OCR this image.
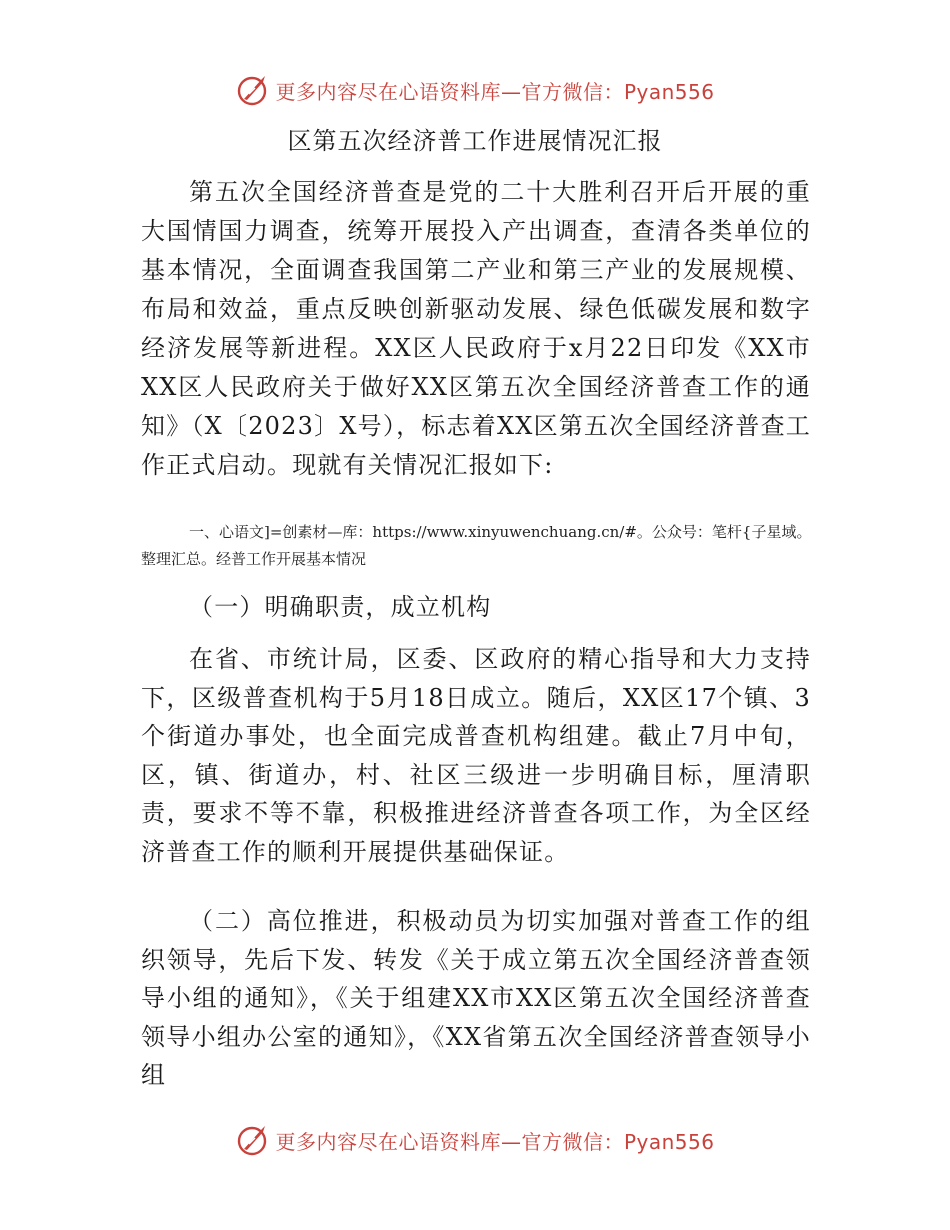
更多内容尽在心语资料库—官方微信：Pyan556
区第五次经济普工作进展情况汇报

第五次全国经济普查是党的二十大胜利召开后开展的重大国情国力调查，统筹开展投入产出调查，查清各类单位的基本情况，全面调查我国第二产业和第三产业的发展规模、布局和效益，重点反映创新驱动发展、绿色低碳发展和数字经济发展等新进程。XX区人民政府于x月22日印发《XX市XX区人民政府关于做好XX区第五次全国经济普查工作的通知》（X〔2023〕X号），标志着XX区第五次全国经济普查工作正式启动。现就有关情况汇报如下:

一、心语文]=创素材—库：https://www.xinyuwenchuang.cn/#。公众号：笔杆{子星域。整理汇总。经普工作开展基本情况

（一）明确职责，成立机构

在省、市统计局，区委、区政府的精心指导和大力支持下，区级普查机构于5月18日成立。随后，XX区17个镇、3个街道办事处，也全面完成普查机构组建。截止7月中旬，区，镇、街道办，村、社区三级进一步明确目标，厘清职责，要求不等不靠，积极推进经济普查各项工作，为全区经济普查工作的顺利开展提供基础保证。

（二）高位推进，积极动员为切实加强对普查工作的组织领导，先后下发、转发《关于成立第五次全国经济普查领导小组的通知》，《关于组建XX市XX区第五次全国经济普查领导小组办公室的通知》，《XX省第五次全国经济普查领导小组

更多内容尽在心语资料库—官方微信：Pyan556
